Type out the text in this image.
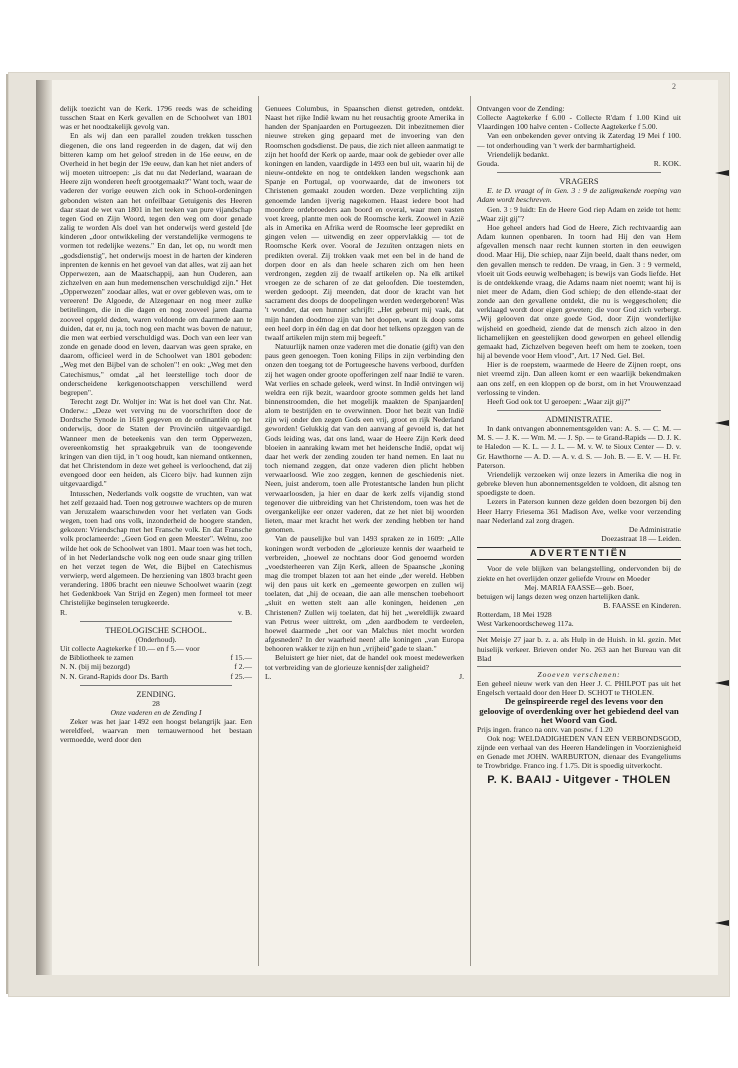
2

delijk toezicht van de Kerk. 1796 reeds was de scheiding tusschen Staat en Kerk gevallen en de Schoolwet van 1801 was er het noodzakelijk gevolg van.

En als wij dan een parallel zouden trekken tusschen diegenen, die ons land regeerden in de dagen, dat wij den bitteren kamp om het geloof streden in de 16e eeuw, en de Overheid in het begin der 19e eeuw, dan kan het niet anders of wij moeten uitroepen: „is dat nu dat Nederland, waaraan de Heere zijn wonderen heeft grootgemaakt?" Want toch, waar de vaderen der vorige eeuwen zich ook in School-ordeningen gebonden wisten aan het onfeilbaar Getuigenis des Heeren daar staat de wet van 1801 in het teeken van pure vijandschap tegen God en Zijn Woord, tegen den weg om door genade zalig te worden Als doel van het onderwijs werd gesteld [de kinderen „door ontwikkeling der verstandelijke vermogens te vormen tot redelijke wezens." En dan, let op, nu wordt men „godsdienstig", het onderwijs moest in de harten der kinderen inprenten de kennis en het gevoel van dat alles, wat zij aan het Opperwezen, aan de Maatschappij, aan hun Ouderen, aan zichzelven en aan hun medemenschen verschuldigd zijn." Het „Opperwezen" zoodaar alles, wat er over gebleven was, om te vereeren! De Algoede, de Alzegenaar en nog meer zulke betitelingen, die in die dagen en nog zooveel jaren daarna zooveel opgeld deden, waren voldoende om daarmede aan te duiden, dat er, nu ja, toch nog een macht was boven de natuur, die men wat eerbied verschuldigd was. Doch van een leer van zonde en genade dood en leven, daarvan was geen sprake, en daarom, officieel werd in de Schoolwet van 1801 geboden: „Weg met den Bijbel van de scholen"! en ook: „Weg met den Catechismus," omdat „al het leerstellige toch door de onderscheidene kerkgenootschappen verschillend werd begrepen".

Terecht zegt Dr. Woltjer in: Wat is het doel van Chr. Nat. Onderw.: „Deze wet verving nu de voorschriften door de Dordtsche Synode in 1618 gegeven en de ordinantiën op het onderwijs, door de Staten der Provinciën uitgevaardigd. Wanneer men de beteekenis van den term Opperwezen, overeenkomstig het spraakgebruik van de toongevende kringen van dien tijd, in 't oog houdt, kan niemand ontkennen, dat het Christendom in deze wet geheel is verloochend, dat zij evengoed door een heiden, als Cicero bijv. had kunnen zijn uitgevaardigd."

Intusschen, Nederlands volk oogstte de vruchten, van wat het zelf gezaaid had. Toen nog getrouwe wachters op de muren van Jeruzalem waarschuwden voor het verlaten van Gods wegen, toen had ons volk, inzonderheid de hoogere standen, gekozen: Vriendschap met het Fransche volk. En dat Fransche volk proclameerde: „Geen God en geen Meester". Welnu, zoo wilde het ook de Schoolwet van 1801. Maar toen was het toch, of in het Nederlandsche volk nog een oude snaar ging trillen en het verzet tegen de Wet, die Bijbel en Catechismus verwierp, werd algemeen. De herziening van 1803 bracht geen verandering. 1806 bracht een nieuwe Schoolwet waarin (zegt het Gedenkboek Van Strijd en Zegen) men formeel tot meer Christelijke beginselen terugkeerde.

R.	v. B.
THEOLOGISCHE SCHOOL.
(Onderhoud).
Uit collecte Aagtekerke f 10.— en f 5.— voor
de Bibliotheek te zamen	f 15.—
N. N. (bij mij bezorgd)	f 2.—
N. N. Grand-Rapids door Ds. Barth	f 25.—
ZENDING.
28
Onze vaderen en de Zending I

Zeker was het jaar 1492 een hoogst belangrijk jaar. Een wereldfeel, waarvan men ternauwernood het bestaan vermoedde, werd door den

Genuees Columbus, in Spaanschen dienst getreden, ontdekt. Naast het rijke Indië kwam nu het reusachtig groote Amerika in handen der Spanjaarden en Portugeezen. Dit inbezitnemen dier nieuwe streken ging gepaard met de invoering van den Roomschen godsdienst. De paus, die zich niet alleen aanmatigt te zijn het hoofd der Kerk op aarde, maar ook de gebieder over alle koningen en landen, vaardigde in 1493 een bul uit, waarin hij de nieuw-ontdekte en nog te ontdekken landen wegschonk aan Spanje en Portugal, op voorwaarde, dat de inwoners tot Christenen gemaakt zouden worden. Deze verplichting zijn genoemde landen ijverig nagekomen. Haast iedere boot had moordere ordebroeders aan boord en overal, waar men vasten voet kreeg, plantte men ook de Roomsche kerk. Zoowel in Azië als in Amerika en Afrika werd de Roomsche leer gepredikt en gingen velen — uitwendig en zeer oppervlakkig — tot de Roomsche Kerk over. Vooral de Jezuïten ontzagen niets en predikten overal. Zij trokken vaak met een bel in de hand de dorpen door en als dan heele scharen zich om hen heen verdrongen, zegden zij de twaalf artikelen op. Na elk artikel vroegen ze de scharen of ze dat geloofden. Die toestemden, werden gedoopt. Zij meenden, dat door de kracht van het sacrament des doops de doopelingen werden wedergeboren! Was 't wonder, dat een hunner schrijft: „Het gebeurt mij vaak, dat mijn handen doodmoe zijn van het doopen, want ik doop soms een heel dorp in één dag en dat door het telkens opzeggen van de twaalf artikelen mijn stem mij begeeft."

Natuurlijk namen onze vaderen met die donatie (gift) van den paus geen genoegen. Toen koning Filips in zijn verbinding den onzen den toegang tot de Portugeesche havens verbood, durfden zij het wagen onder groote opofferingen zelf naar Indië te varen. Wat verlies en schade geleek, werd winst. In Indië ontvingen wij weldra een rijk bezit, waardoor groote sommen gelds het land binnenstroomden, die het mogelijk maakten de Spanjaarden[ alom te bestrijden en te overwinnen. Door het bezit van Indië zijn wij onder den zegen Gods een vrij, groot en rijk Nederland geworden! Gelukkig dat van den aanvang af gevoeld is, dat het Gods leiding was, dat ons land, waar de Heere Zijn Kerk deed bloeien in aanraking kwam met het heidensche Indië, opdat wij daar het werk der zending zouden ter hand nemen. En laat nu toch niemand zeggen, dat onze vaderen dien plicht hebben verwaarloosd. Wie zoo zeggen, kennen de geschiedenis niet. Neen, juist anderom, toen alle Protestantsche landen hun plicht verwaarloosden, ja hier en daar de kerk zelfs vijandig stond tegenover die uitbreiding van het Christendom, toen was het de overgankelijke eer onzer vaderen, dat ze het niet bij woorden lieten, maar met kracht het werk der zending hebben ter hand genomen.

Van de pauselijke bul van 1493 spraken ze in 1609: „Alle koningen wordt verboden de „glorieuze kennis der waarheid te verbreiden, „hoewel ze nochtans door God genoemd worden „voedsterheeren van Zijn Kerk, alleen de Spaansche „koning mag die trompet blazen tot aan het einde „der wereld. Hebben wij den paus uit kerk en „gemeente geworpen en zullen wij toelaten, dat „hij de oceaan, die aan alle menschen toebehoort „sluit en wetten stelt aan alle koningen, heidenen „en Christenen? Zullen wij toelaten, dat hij het „wereldlijk zwaard van Petrus weer uittrekt, om „den aardbodem te verdeelen, hoewel daarmede „het oor van Malchus niet mocht worden afgesneden? In der waarheid neen! alle koningen „van Europa behooren wakker te zijn en hun „vrijheid"gade te slaan."

Beluistert ge hier niet, dat de handel ook moest medewerken tot verbreiding van de glorieuze kennis[der zaligheid?

L.	J.

Ontvangen voor de Zending:

Collecte Aagtekerke f 6.00 - Collecte R'dam f 1.00 Kind uit Vlaardingen 100 halve centen - Collecte Aagtekerke f 5.00.

Van een onbekenden gever ontving ik Zaterdag 19 Mei f 100.— tot onderhouding van 't werk der barmhartigheid.

Vriendelijk bedankt.

Gouda.	R. KOK.
VRAGERS

E. te D. vraagt of in Gen. 3 : 9 de zaligmakende roeping van Adam wordt beschreven.

Gen. 3 : 9 luidt: En de Heere God riep Adam en zeide tot hem: „Waar zijt gij"?

Hoe geheel anders had God de Heere, Zich rechtvaardig aan Adam kunnen openbaren. In toorn had Hij den van Hem afgevallen mensch naar recht kunnen storten in den eeuwigen dood. Maar Hij, Die schiep, naar Zijn beeld, daalt thans neder, om den gevallen mensch te redden. De vraag, in Gen. 3 : 9 vermeld, vloeit uit Gods eeuwig welbehagen; is bewijs van Gods liefde. Het is de ontdekkende vraag, die Adams naam niet noemt; want hij is niet meer de Adam, dien God schiep; de den ellende-staat der zonde aan den gevallene ontdekt, die nu is weggescholen; die verklaagd wordt door eigen geweten; die voor God zich verbergt. „Wij gelooven dat onze goede God, door Zijn wonderlijke wijsheid en goedheid, ziende dat de mensch zich alzoo in den lichamelijken en geestelijken dood geworpen en geheel ellendig gemaakt had, Zichzelven begeven heeft om hem te zoeken, toen hij al bevende voor Hem vlood", Art. 17 Ned. Gel. Bel.

Hier is de roepstem, waarmede de Heere de Zijnen roept, ons niet vreemd zijn. Dan alleen komt er een waarlijk bekendmaken aan ons zelf, en een kloppen op de borst, om in het Vrouwenzaad verlossing te vinden.

Heeft God ook tot U geroepen: „Waar zijt gij?"

ADMINISTRATIE.

In dank ontvangen abonnementsgelden van: A. S. — C. M. — M. S. — J. K. — Wm. M. — J. Sp. — te Grand-Rapids — D. J. K. te Haledon — K. L. — J. L. — M. v. W. te Sioux Center — D. v. Gr. Hawthorne — A. D. — A. v. d. S. — Joh. B. — E. V. — H. Fr. Paterson.

Vriendelijk verzoeken wij onze lezers in Amerika die nog in gebreke bleven hun abonnementsgelden te voldoen, dit alsnog ten spoedigste te doen.

Lezers in Paterson kunnen deze gelden doen bezorgen bij den Heer Harry Friesema 361 Madison Ave, welke voor verzending naar Nederland zal zorg dragen.

De Administratie

Doezastraat 18 — Leiden.

ADVERTENTIËN

Voor de vele blijken van belangstelling, ondervonden bij de ziekte en het overlijden onzer geliefde Vrouw en Moeder

Mej. MARIA FAASSE—geb. Boer,

betuigen wij langs dezen weg onzen hartelijken dank.

B. FAASSE en Kinderen.

Rotterdam, 18 Mei 1928

West Varkenoordscheweg 117a.

Net Meisje 27 jaar b. z. a. als Hulp in de Huish. in kl. gezin. Met huiselijk verkeer. Brieven onder No. 263 aan het Bureau van dit Blad

Zooeven verschenen:

Een geheel nieuw werk van den Heer J. C. PHILPOT pas uit het Engelsch vertaald door den Heer D. SCHOT te THOLEN.

De geïnspireerde regel des levens voor den geloovige of overdenking over het gebiedend deel van het Woord van God.

Prijs ingen. franco na ontv. van postw. f 1.20

Ook nog: WELDADIGHEDEN VAN EEN VERBONDSGOD, zijnde een verhaal van des Heeren Handelingen in Voorzienigheid en Genade met JOHN. WARBURTON, dienaar des Evangeliums te Trowbridge. Franco ing. f 1.75. Dit is spoedig uitverkocht.

P. K. BAAIJ - Uitgever - THOLEN
